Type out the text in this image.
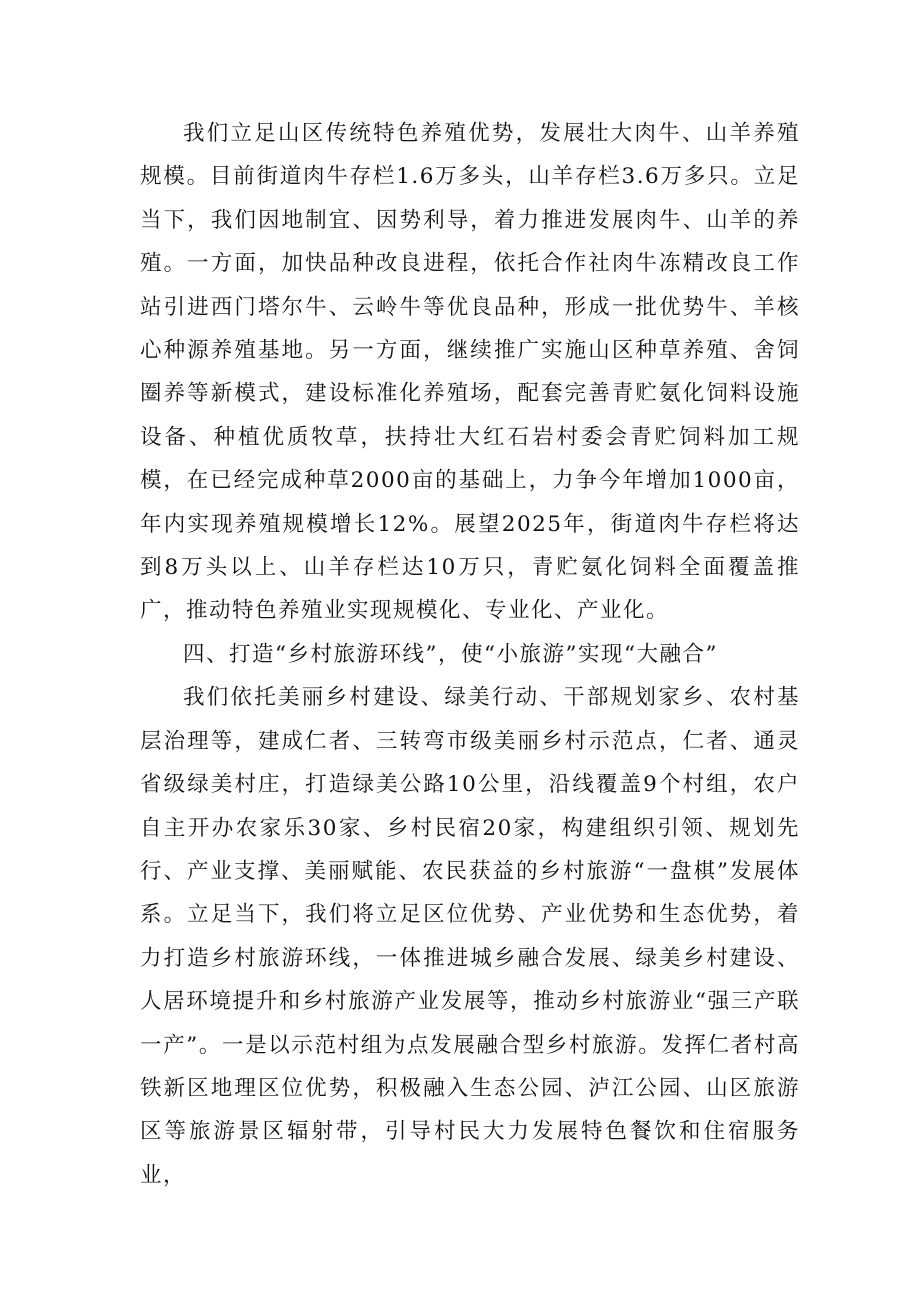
我们立足山区传统特色养殖优势，发展壮大肉牛、山羊养殖规模。目前街道肉牛存栏1.6万多头，山羊存栏3.6万多只。立足当下，我们因地制宜、因势利导，着力推进发展肉牛、山羊的养殖。一方面，加快品种改良进程，依托合作社肉牛冻精改良工作站引进西门塔尔牛、云岭牛等优良品种，形成一批优势牛、羊核心种源养殖基地。另一方面，继续推广实施山区种草养殖、舍饲圈养等新模式，建设标准化养殖场，配套完善青贮氨化饲料设施设备、种植优质牧草，扶持壮大红石岩村委会青贮饲料加工规模，在已经完成种草2000亩的基础上，力争今年增加1000亩，年内实现养殖规模增长12%。展望2025年，街道肉牛存栏将达到8万头以上、山羊存栏达10万只，青贮氨化饲料全面覆盖推广，推动特色养殖业实现规模化、专业化、产业化。

四、打造“乡村旅游环线”，使“小旅游”实现“大融合”

我们依托美丽乡村建设、绿美行动、干部规划家乡、农村基层治理等，建成仁者、三转弯市级美丽乡村示范点，仁者、通灵省级绿美村庄，打造绿美公路10公里，沿线覆盖9个村组，农户自主开办农家乐30家、乡村民宿20家，构建组织引领、规划先行、产业支撑、美丽赋能、农民获益的乡村旅游“一盘棋”发展体系。立足当下，我们将立足区位优势、产业优势和生态优势，着力打造乡村旅游环线，一体推进城乡融合发展、绿美乡村建设、人居环境提升和乡村旅游产业发展等，推动乡村旅游业“强三产联一产”。一是以示范村组为点发展融合型乡村旅游。发挥仁者村高铁新区地理区位优势，积极融入生态公园、泸江公园、山区旅游区等旅游景区辐射带，引导村民大力发展特色餐饮和住宿服务业，
